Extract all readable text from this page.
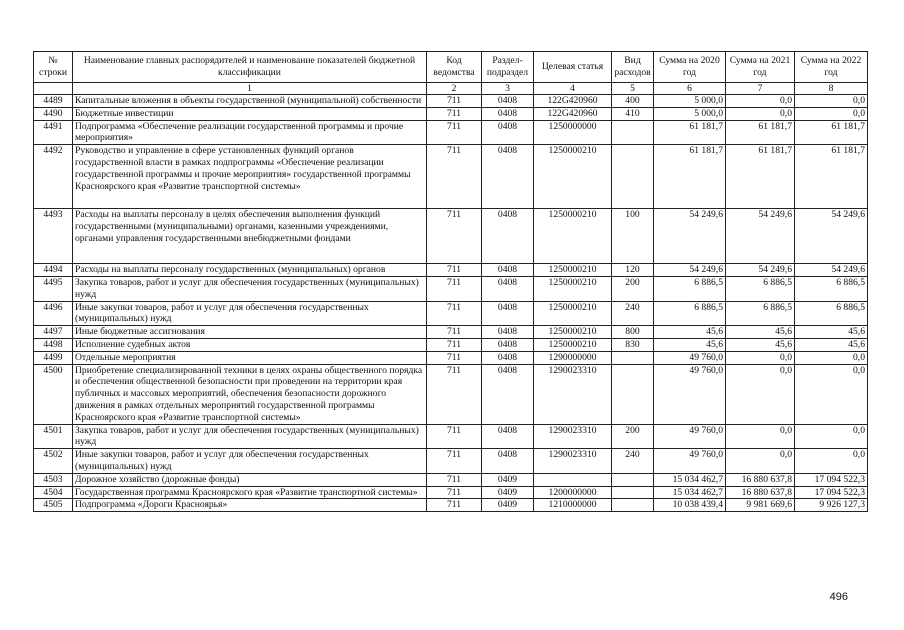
№ строки	Наименование главных распорядителей и наименование показателей бюджетной классификации	Код ведомства	Раздел-подраздел	Целевая статья	Вид расходов	Сумма на 2020 год	Сумма на 2021 год	Сумма на 2022 год
	1	2	3	4	5	6	7	8
4489	Капитальные вложения в объекты государственной (муниципальной) собственности	711	0408	122G420960	400	5 000,0	0,0	0,0
4490	Бюджетные инвестиции	711	0408	122G420960	410	5 000,0	0,0	0,0
4491	Подпрограмма «Обеспечение реализации государственной программы и прочие мероприятия»	711	0408	1250000000		61 181,7	61 181,7	61 181,7
4492	Руководство и управление в сфере установленных функций органов государственной власти в рамках подпрограммы «Обеспечение реализации государственной программы и прочие мероприятия» государственной программы Красноярского края «Развитие транспортной системы»	711	0408	1250000210		61 181,7	61 181,7	61 181,7
4493	Расходы на выплаты персоналу в целях обеспечения выполнения функций государственными (муниципальными) органами, казенными учреждениями, органами управления государственными внебюджетными фондами	711	0408	1250000210	100	54 249,6	54 249,6	54 249,6
4494	Расходы на выплаты персоналу государственных (муниципальных) органов	711	0408	1250000210	120	54 249,6	54 249,6	54 249,6
4495	Закупка товаров, работ и услуг для обеспечения государственных (муниципальных) нужд	711	0408	1250000210	200	6 886,5	6 886,5	6 886,5
4496	Иные закупки товаров, работ и услуг для обеспечения государственных (муниципальных) нужд	711	0408	1250000210	240	6 886,5	6 886,5	6 886,5
4497	Иные бюджетные ассигнования	711	0408	1250000210	800	45,6	45,6	45,6
4498	Исполнение судебных актов	711	0408	1250000210	830	45,6	45,6	45,6
4499	Отдельные мероприятия	711	0408	1290000000		49 760,0	0,0	0,0
4500	Приобретение специализированной техники в целях охраны общественного порядка и обеспечения общественной безопасности при проведении на территории края публичных и массовых мероприятий, обеспечения безопасности дорожного движения в рамках отдельных мероприятий государственной программы Красноярского края «Развитие транспортной системы»	711	0408	1290023310		49 760,0	0,0	0,0
4501	Закупка товаров, работ и услуг для обеспечения государственных (муниципальных) нужд	711	0408	1290023310	200	49 760,0	0,0	0,0
4502	Иные закупки товаров, работ и услуг для обеспечения государственных (муниципальных) нужд	711	0408	1290023310	240	49 760,0	0,0	0,0
4503	Дорожное хозяйство (дорожные фонды)	711	0409			15 034 462,7	16 880 637,8	17 094 522,3
4504	Государственная программа Красноярского края «Развитие транспортной системы»	711	0409	1200000000		15 034 462,7	16 880 637,8	17 094 522,3
4505	Подпрограмма «Дороги Красноярья»	711	0409	1210000000		10 038 439,4	9 981 669,6	9 926 127,3
496
